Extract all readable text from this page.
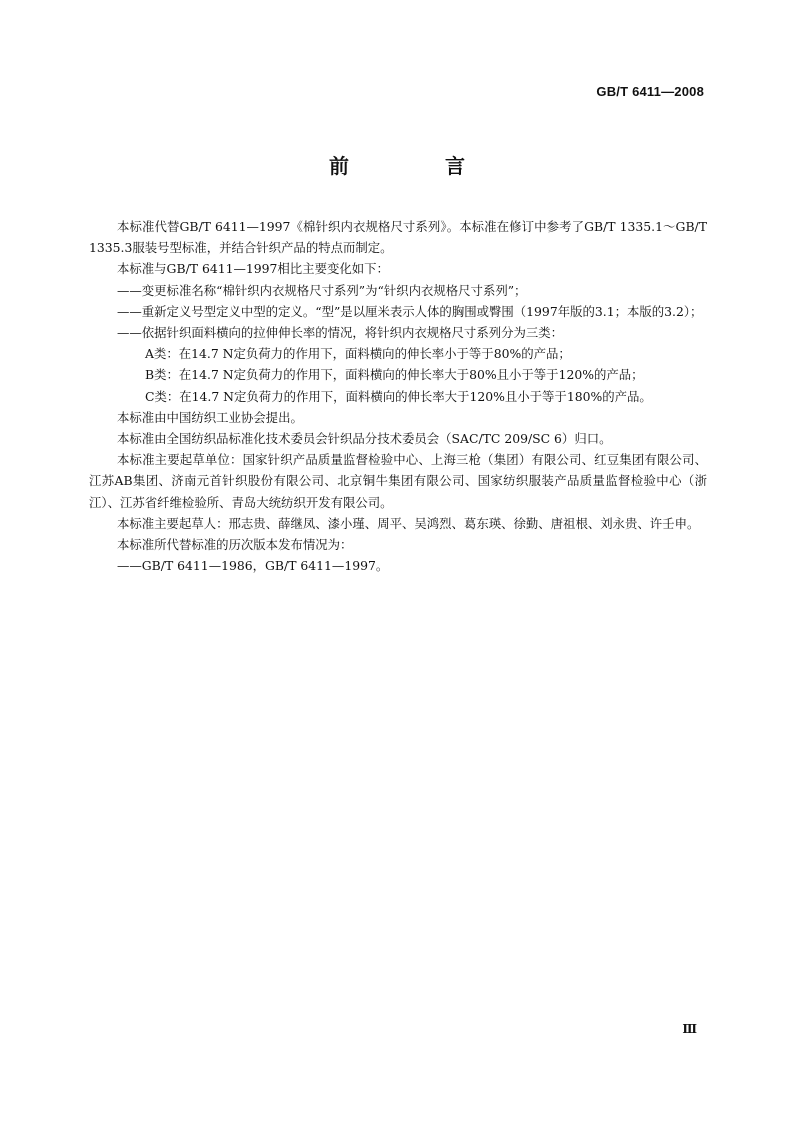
GB/T 6411—2008
前　言

本标准代替GB/T 6411—1997《棉针织内衣规格尺寸系列》。本标准在修订中参考了GB/T 1335.1～GB/T 1335.3服装号型标准，并结合针织产品的特点而制定。

本标准与GB/T 6411—1997相比主要变化如下：

——变更标准名称“棉针织内衣规格尺寸系列”为“针织内衣规格尺寸系列”；

——重新定义号型定义中型的定义。“型”是以厘米表示人体的胸围或臀围（1997年版的3.1；本版的3.2）；

——依据针织面料横向的拉伸伸长率的情况，将针织内衣规格尺寸系列分为三类：

A类：在14.7 N定负荷力的作用下，面料横向的伸长率小于等于80%的产品；

B类：在14.7 N定负荷力的作用下，面料横向的伸长率大于80%且小于等于120%的产品；

C类：在14.7 N定负荷力的作用下，面料横向的伸长率大于120%且小于等于180%的产品。

本标准由中国纺织工业协会提出。

本标准由全国纺织品标准化技术委员会针织品分技术委员会（SAC/TC 209/SC 6）归口。

本标准主要起草单位：国家针织产品质量监督检验中心、上海三枪（集团）有限公司、红豆集团有限公司、江苏AB集团、济南元首针织股份有限公司、北京铜牛集团有限公司、国家纺织服装产品质量监督检验中心（浙江）、江苏省纤维检验所、青岛大统纺织开发有限公司。

本标准主要起草人：邢志贵、薛继凤、漆小瑾、周平、吴鸿烈、葛东瑛、徐勤、唐祖根、刘永贵、许壬申。

本标准所代替标准的历次版本发布情况为：

——GB/T 6411—1986，GB/T 6411—1997。

Ⅲ
